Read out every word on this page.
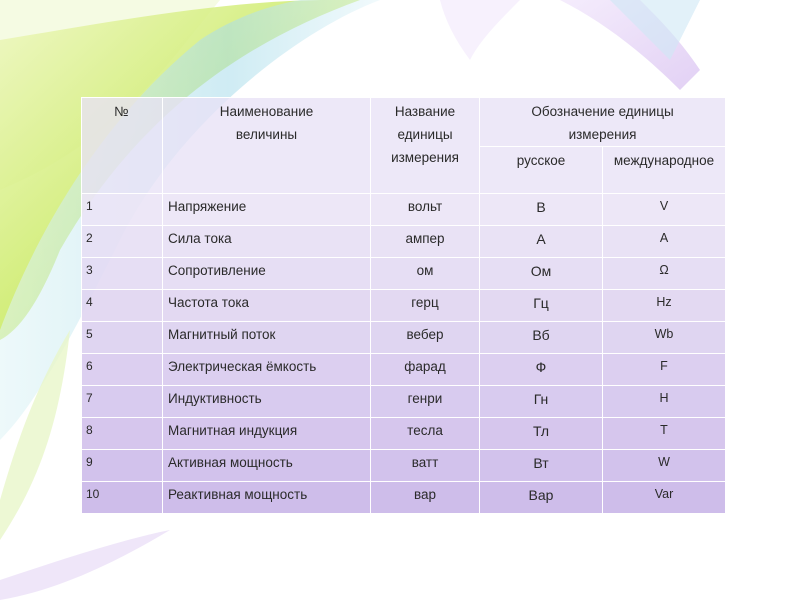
№	Наименование величины	Название единицы измерения	Обозначение единицы измерения	

			русское	международное

1	Напряжение	вольт	В	V
2	Сила тока	ампер	А	A
3	Сопротивление	ом	Ом	Ω
4	Частота тока	герц	Гц	Hz
5	Магнитный поток	вебер	Вб	Wb
6	Электрическая ёмкость	фарад	Ф	F
7	Индуктивность	генри	Гн	H
8	Магнитная индукция	тесла	Тл	T
9	Активная мощность	ватт	Вт	W
10	Реактивная мощность	вар	Вар	Var
